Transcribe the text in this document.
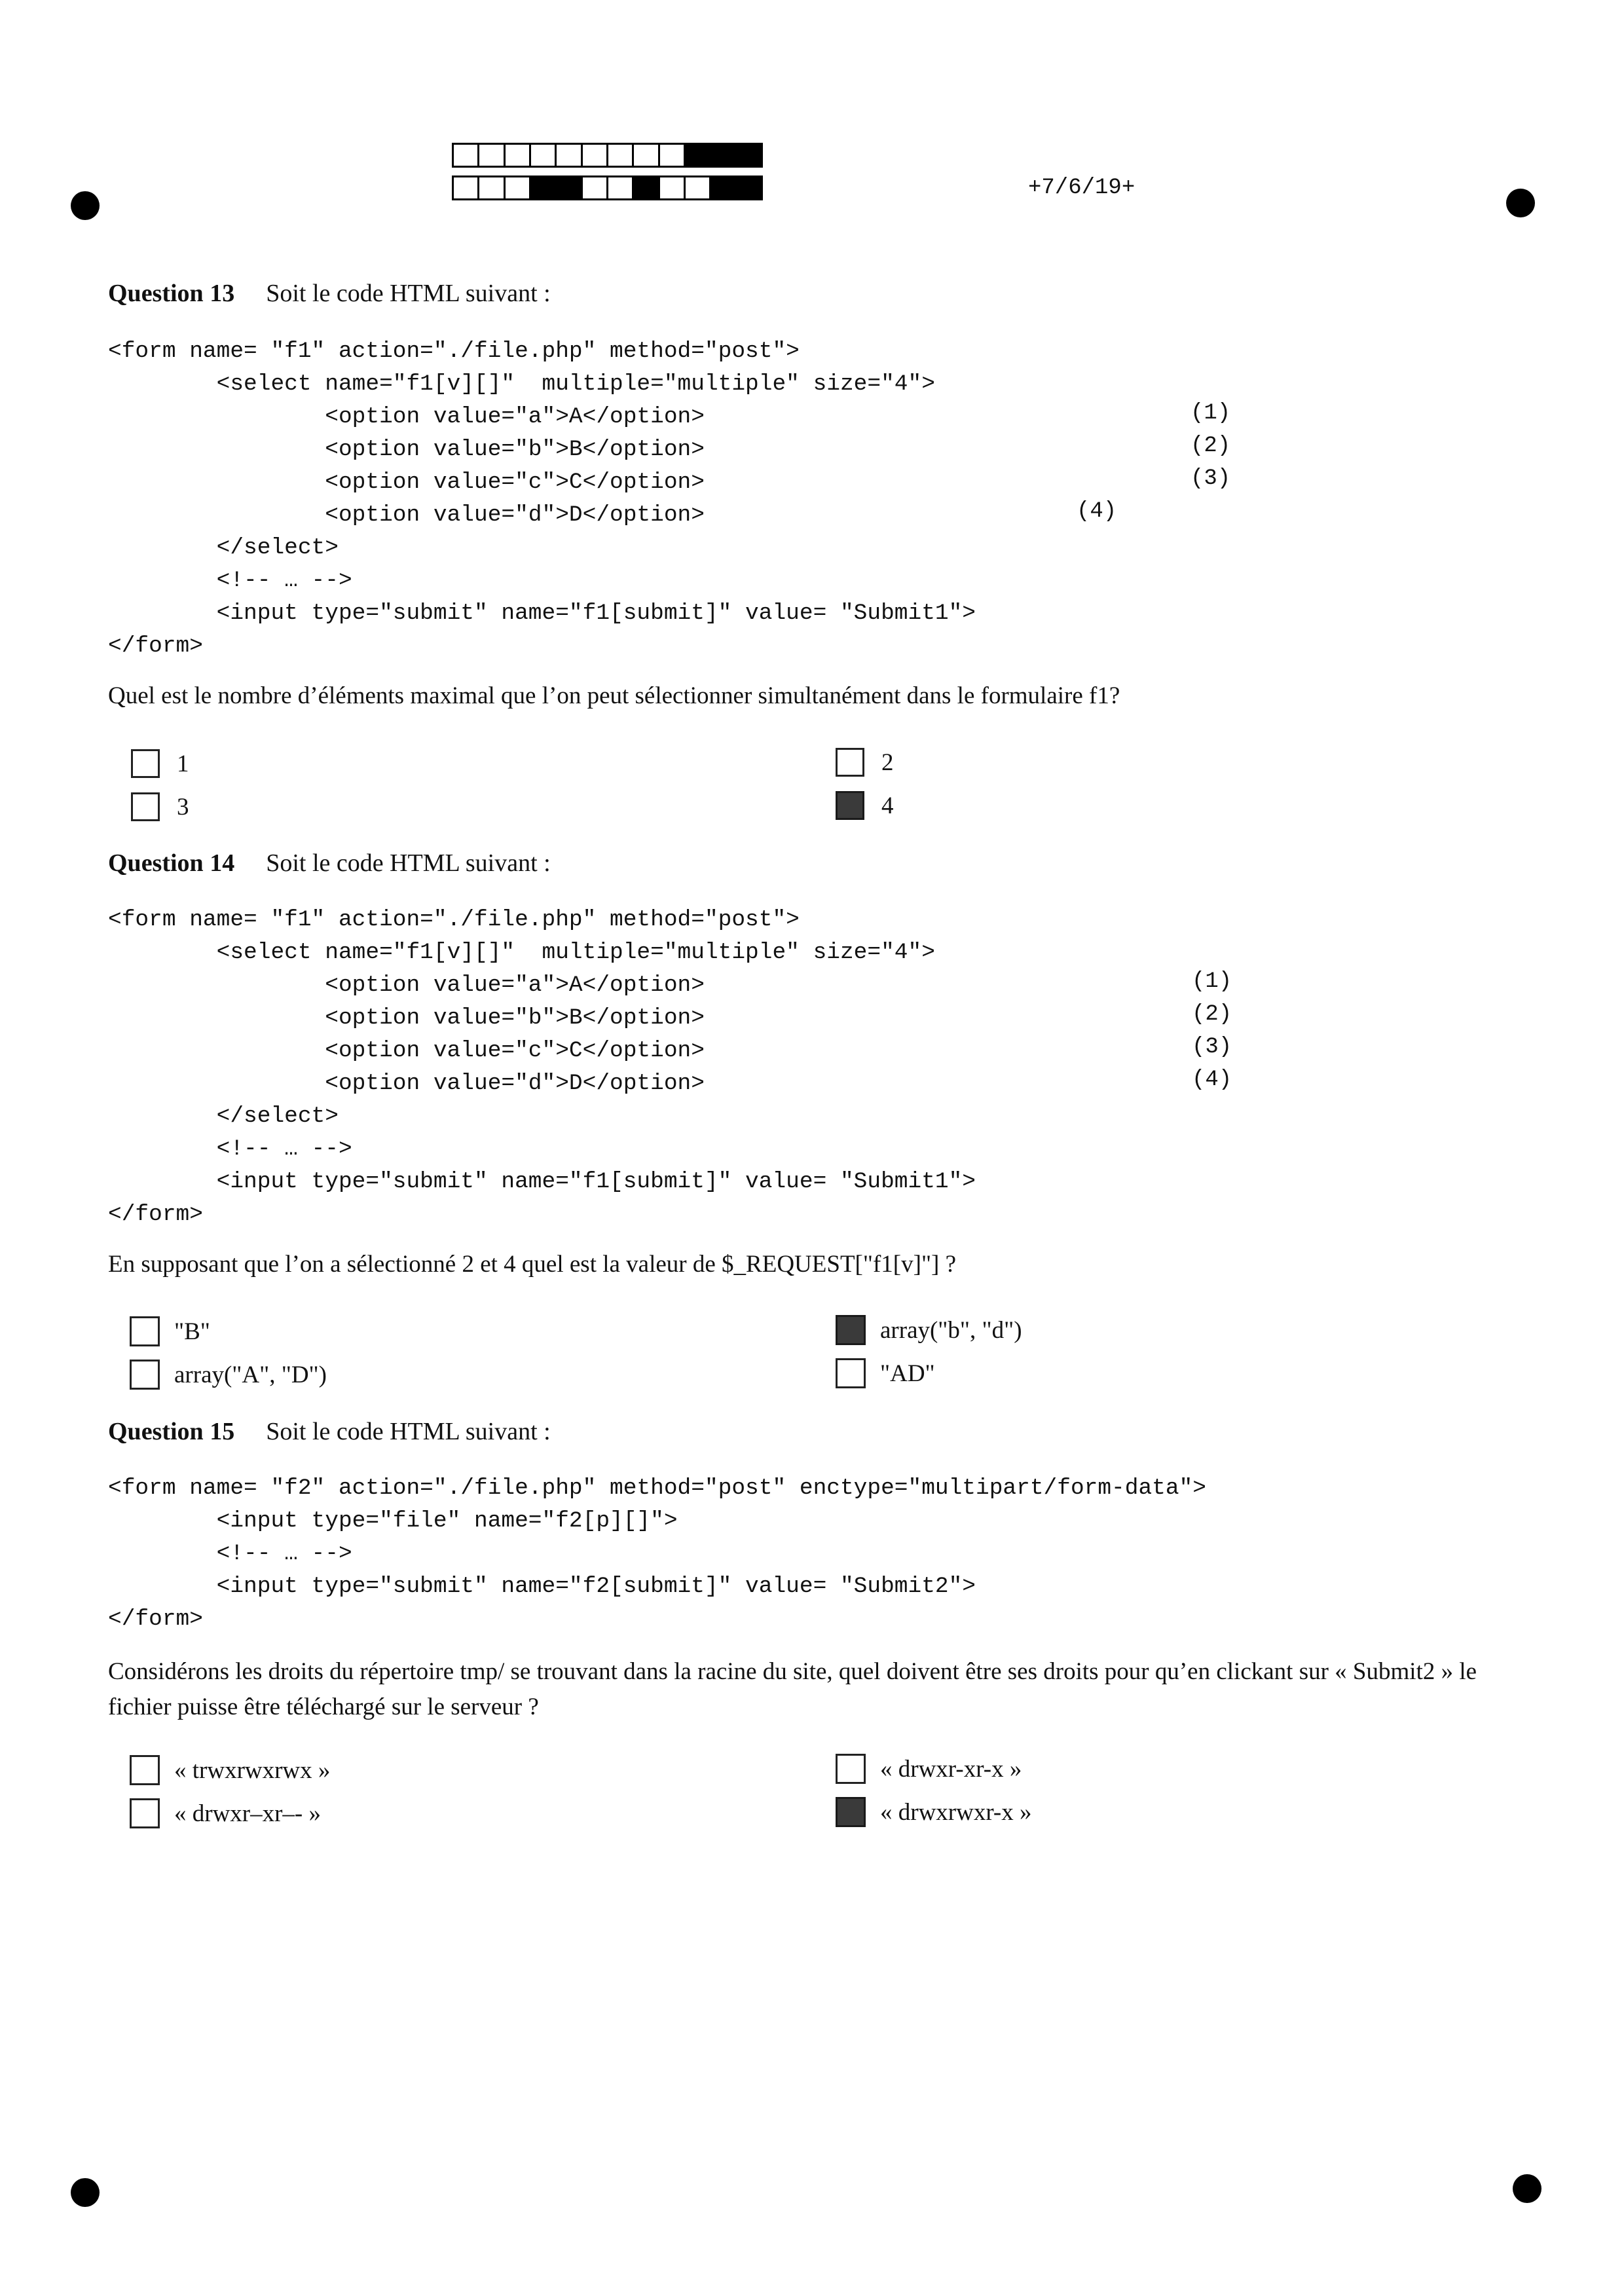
+7/6/19+
Question 13 Soit le code HTML suivant :
<form name= "f1" action="./file.php" method="post">
<select name="f1[v][]"  multiple="multiple" size="4">
<option value="a">A</option>
<option value="b">B</option>
<option value="c">C</option>
<option value="d">D</option>
</select>
<!-- … -->
<input type="submit" name="f1[submit]" value= "Submit1">
</form>
(1)
(2)
(3)
(4)
Quel est le nombre d’éléments maximal que l’on peut sélectionner simultanément dans le formulaire f1?
1	2
3	4
Question 14 Soit le code HTML suivant :
<form name= "f1" action="./file.php" method="post">
<select name="f1[v][]"  multiple="multiple" size="4">
<option value="a">A</option>
<option value="b">B</option>
<option value="c">C</option>
<option value="d">D</option>
</select>
<!-- … -->
<input type="submit" name="f1[submit]" value= "Submit1">
</form>
(1)
(2)
(3)
(4)
En supposant que l’on a sélectionné 2 et 4 quel est la valeur de $_REQUEST["f1[v]"] ?
"B"	array("b", "d")
array("A", "D")	"AD"
Question 15 Soit le code HTML suivant :
<form name= "f2" action="./file.php" method="post" enctype="multipart/form-data">
<input type="file" name="f2[p][]">
<!-- … -->
<input type="submit" name="f2[submit]" value= "Submit2">
</form>
Considérons les droits du répertoire tmp/ se trouvant dans la racine du site, quel doivent être ses droits pour qu’en clickant sur « Submit2 » le fichier puisse être téléchargé sur le serveur ?
« trwxrwxrwx »	« drwxr-xr-x »
« drwxr–xr–- »	« drwxrwxr-x »
